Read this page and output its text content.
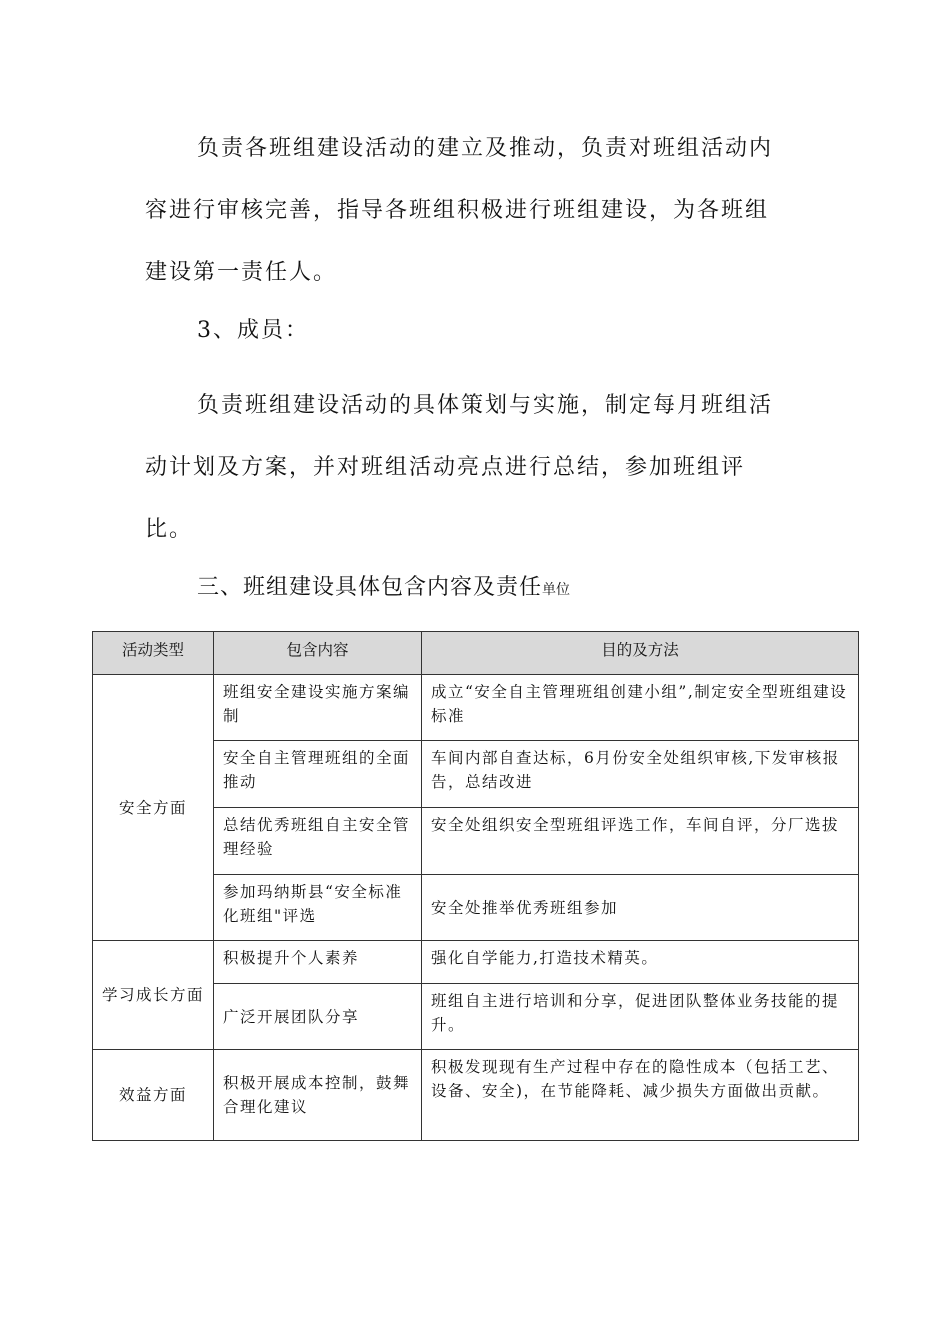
负责各班组建设活动的建立及推动，负责对班组活动内容进行审核完善，指导各班组积极进行班组建设，为各班组建设第一责任人。

3、成员：

负责班组建设活动的具体策划与实施，制定每月班组活动计划及方案，并对班组活动亮点进行总结，参加班组评比。

三、班组建设具体包含内容及责任单位
活动类型	包含内容	目的及方法
安全方面	班组安全建设实施方案编制	成立“安全自主管理班组创建小组”,制定安全型班组建设标准
	安全自主管理班组的全面推动	车间内部自查达标，6月份安全处组织审核,下发审核报告，总结改进
	总结优秀班组自主安全管理经验	安全处组织安全型班组评选工作，车间自评，分厂选拔
	参加玛纳斯县“安全标准化班组"评选	安全处推举优秀班组参加
学习成长方面	积极提升个人素养	强化自学能力,打造技术精英。
	广泛开展团队分享	班组自主进行培训和分享，促进团队整体业务技能的提升。
效益方面	积极开展成本控制，鼓舞合理化建议	积极发现现有生产过程中存在的隐性成本（包括工艺、设备、安全)，在节能降耗、减少损失方面做出贡献。
